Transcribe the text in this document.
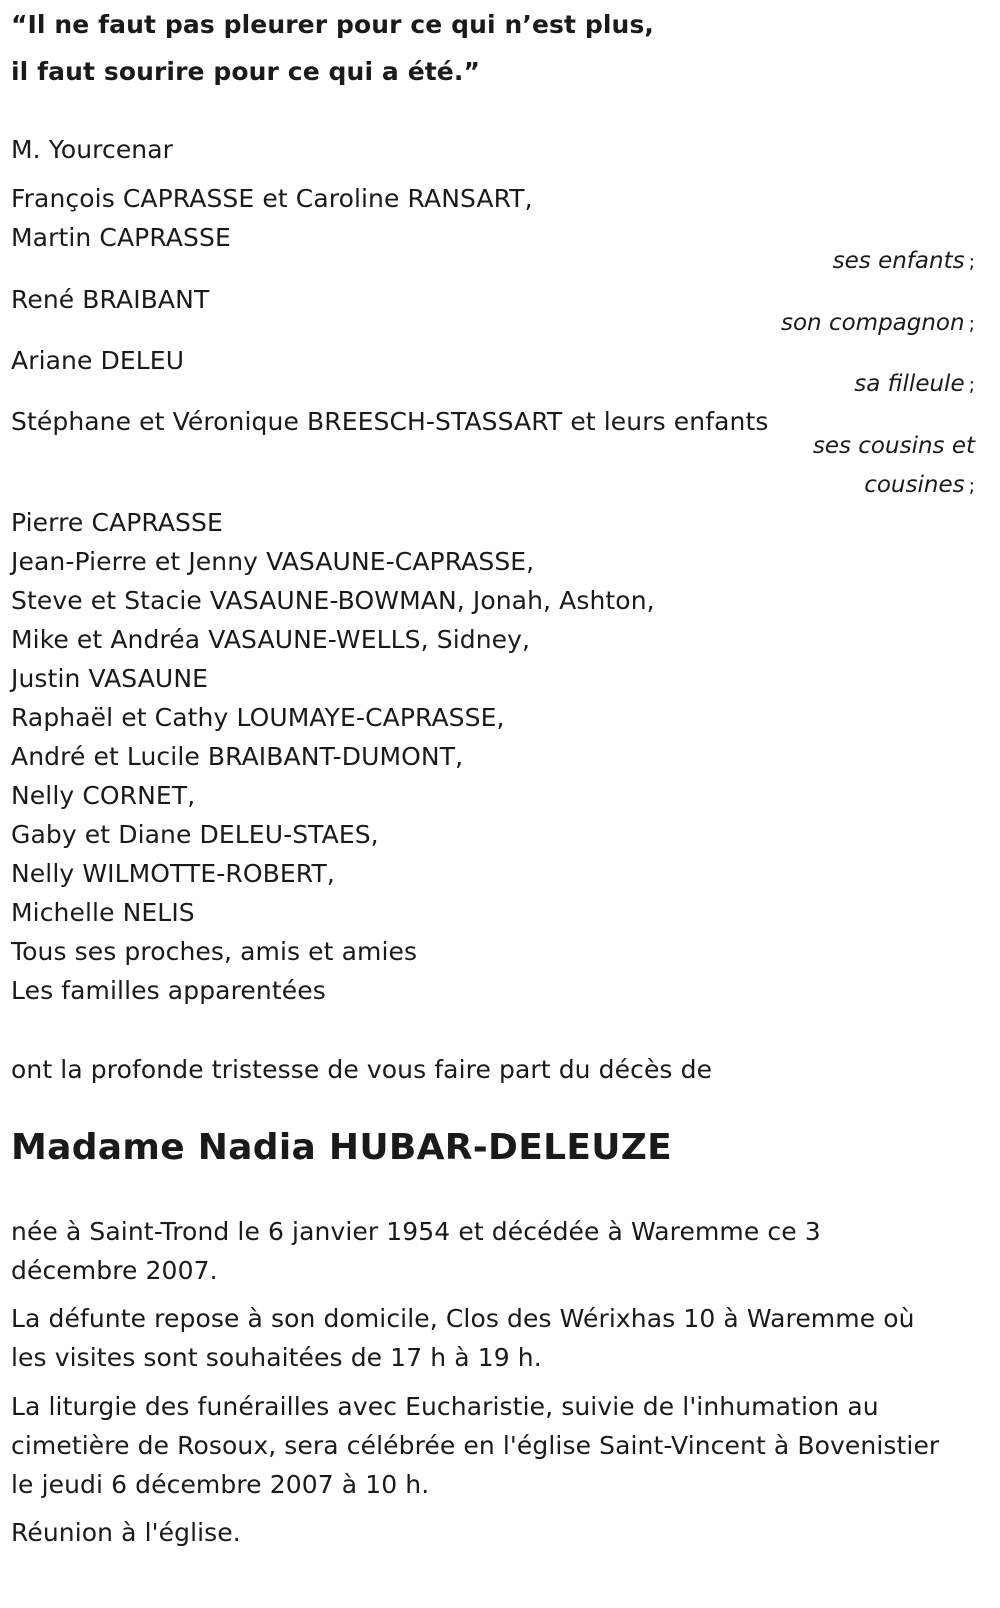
“Il ne faut pas pleurer pour ce qui n’est plus,
il faut sourire pour ce qui a été.”
M. Yourcenar
François CAPRASSE et Caroline RANSART,
Martin CAPRASSE
ses enfants ;
René BRAIBANT
son compagnon ;
Ariane DELEU
sa filleule ;
Stéphane et Véronique BREESCH-STASSART et leurs enfants
ses cousins et
cousines ;
Pierre CAPRASSE
Jean-Pierre et Jenny VASAUNE-CAPRASSE,
Steve et Stacie VASAUNE-BOWMAN, Jonah, Ashton,
Mike et Andréa VASAUNE-WELLS, Sidney,
Justin VASAUNE
Raphaël et Cathy LOUMAYE-CAPRASSE,
André et Lucile BRAIBANT-DUMONT,
Nelly CORNET,
Gaby et Diane DELEU-STAES,
Nelly WILMOTTE-ROBERT,
Michelle NELIS
Tous ses proches, amis et amies
Les familles apparentées
ont la profonde tristesse de vous faire part du décès de
Madame Nadia HUBAR-DELEUZE
née à Saint-Trond le 6 janvier 1954 et décédée à Waremme ce 3
décembre 2007.
La défunte repose à son domicile, Clos des Wérixhas 10 à Waremme où
les visites sont souhaitées de 17 h à 19 h.
La liturgie des funérailles avec Eucharistie, suivie de l'inhumation au
cimetière de Rosoux, sera célébrée en l'église Saint-Vincent à Bovenistier
le jeudi 6 décembre 2007 à 10 h.
Réunion à l'église.
